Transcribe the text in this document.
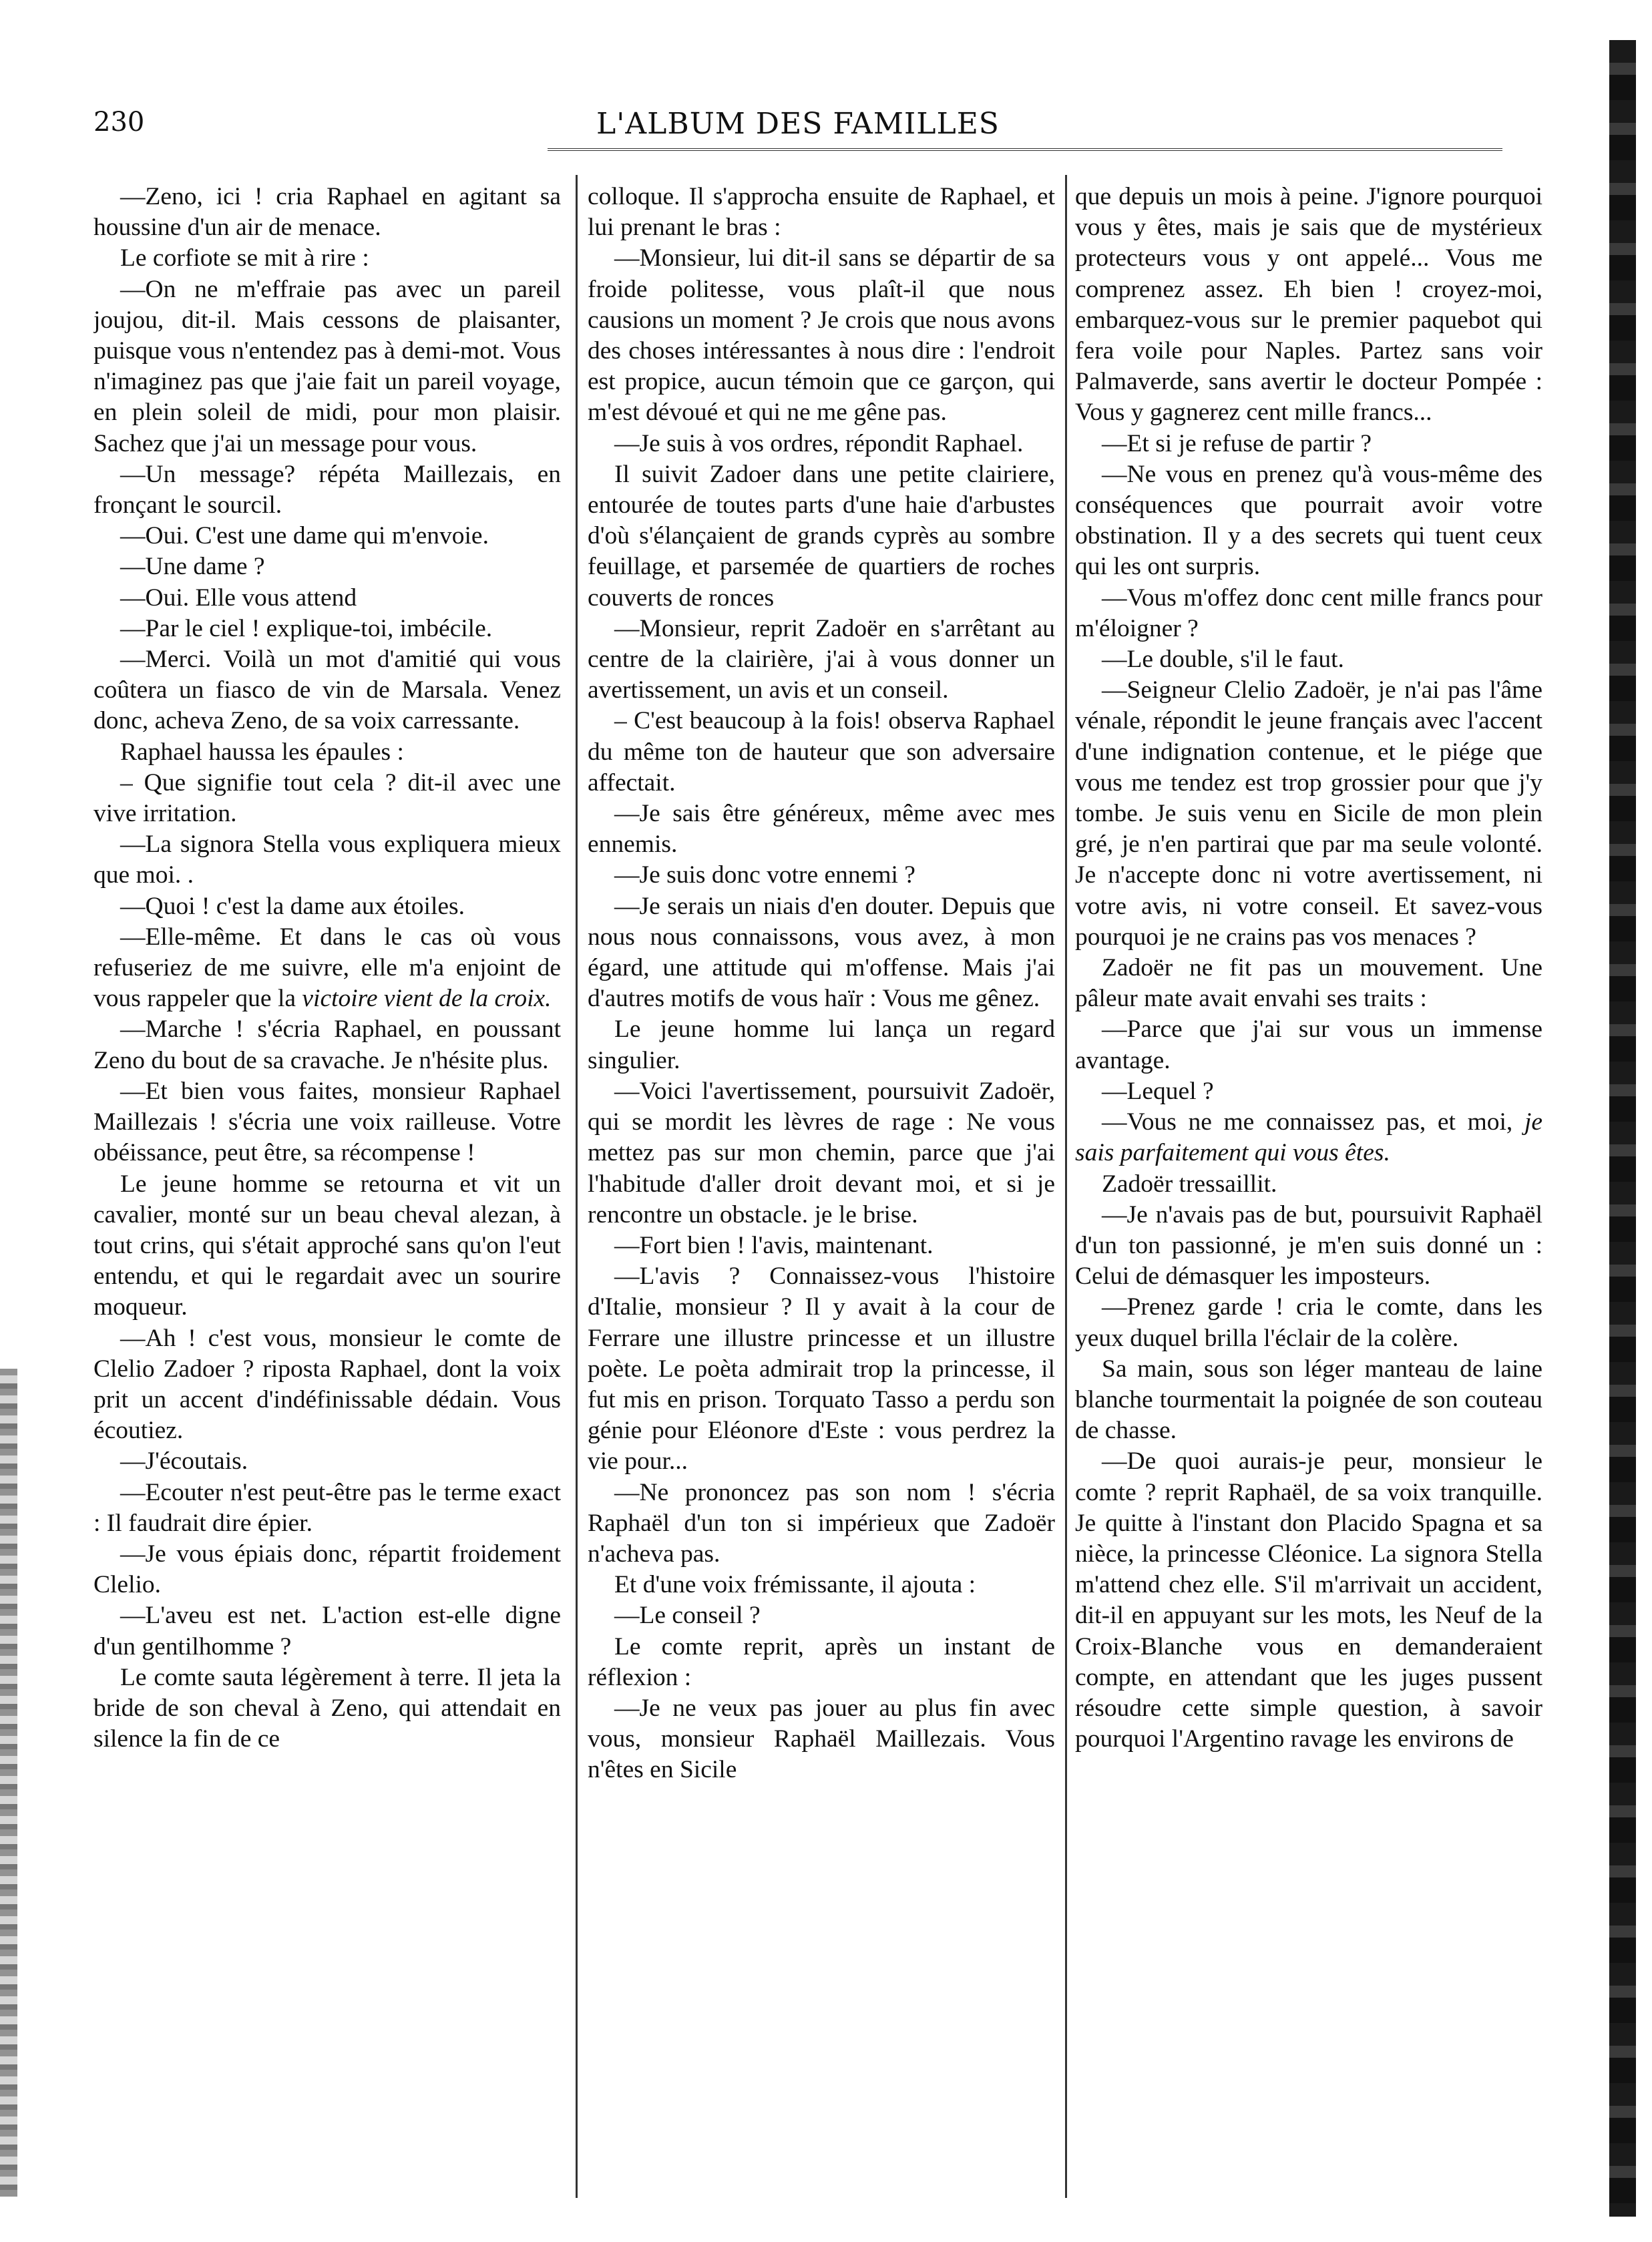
230	L'ALBUM DES FAMILLES

—Zeno, ici ! cria Raphael en agitant sa houssine d'un air de menace.

Le corfiote se mit à rire :

—On ne m'effraie pas avec un pareil joujou, dit-il. Mais cessons de plaisanter, puisque vous n'entendez pas à demi-mot. Vous n'imaginez pas que j'aie fait un pareil voyage, en plein soleil de midi, pour mon plaisir. Sachez que j'ai un message pour vous.

—Un message? répéta Maillezais, en fronçant le sourcil.

—Oui. C'est une dame qui m'envoie.

—Une dame ?

—Oui. Elle vous attend

—Par le ciel ! explique-toi, imbécile.

—Merci. Voilà un mot d'amitié qui vous coûtera un fiasco de vin de Marsala. Venez donc, acheva Zeno, de sa voix carressante.

Raphael haussa les épaules :

– Que signifie tout cela ? dit-il avec une vive irritation.

—La signora Stella vous expliquera mieux que moi. .

—Quoi ! c'est la dame aux étoiles.

—Elle-même. Et dans le cas où vous refuseriez de me suivre, elle m'a enjoint de vous rappeler que la victoire vient de la croix.

—Marche ! s'écria Raphael, en poussant Zeno du bout de sa cravache. Je n'hésite plus.

—Et bien vous faites, monsieur Raphael Maillezais ! s'écria une voix railleuse. Votre obéissance, peut être, sa récompense !

Le jeune homme se retourna et vit un cavalier, monté sur un beau cheval alezan, à tout crins, qui s'était approché sans qu'on l'eut entendu, et qui le regardait avec un sourire moqueur.

—Ah ! c'est vous, monsieur le comte de Clelio Zadoer ? riposta Raphael, dont la voix prit un accent d'indéfinissable dédain. Vous écoutiez.

—J'écoutais.

—Ecouter n'est peut-être pas le terme exact : Il faudrait dire épier.

—Je vous épiais donc, répartit froidement Clelio.

—L'aveu est net. L'action est-elle digne d'un gentilhomme ?

Le comte sauta légèrement à terre. Il jeta la bride de son cheval à Zeno, qui attendait en silence la fin de ce

colloque. Il s'approcha ensuite de Raphael, et lui prenant le bras :

—Monsieur, lui dit-il sans se départir de sa froide politesse, vous plaît-il que nous causions un moment ? Je crois que nous avons des choses intéressantes à nous dire : l'endroit est propice, aucun témoin que ce garçon, qui m'est dévoué et qui ne me gêne pas.

—Je suis à vos ordres, répondit Raphael.

Il suivit Zadoer dans une petite clairiere, entourée de toutes parts d'une haie d'arbustes d'où s'élançaient de grands cyprès au sombre feuillage, et parsemée de quartiers de roches couverts de ronces

—Monsieur, reprit Zadoër en s'arrêtant au centre de la clairière, j'ai à vous donner un avertissement, un avis et un conseil.

– C'est beaucoup à la fois! observa Raphael du même ton de hauteur que son adversaire affectait.

—Je sais être généreux, même avec mes ennemis.

—Je suis donc votre ennemi ?

—Je serais un niais d'en douter. Depuis que nous nous connaissons, vous avez, à mon égard, une attitude qui m'offense. Mais j'ai d'autres motifs de vous haïr : Vous me gênez.

Le jeune homme lui lança un regard singulier.

—Voici l'avertissement, poursuivit Zadoër, qui se mordit les lèvres de rage : Ne vous mettez pas sur mon chemin, parce que j'ai l'habitude d'aller droit devant moi, et si je rencontre un obstacle. je le brise.

—Fort bien ! l'avis, maintenant.

—L'avis ? Connaissez-vous l'histoire d'Italie, monsieur ? Il y avait à la cour de Ferrare une illustre princesse et un illustre poète. Le poèta admirait trop la princesse, il fut mis en prison. Torquato Tasso a perdu son génie pour Eléonore d'Este : vous perdrez la vie pour...

—Ne prononcez pas son nom ! s'écria Raphaël d'un ton si impérieux que Zadoër n'acheva pas.

Et d'une voix frémissante, il ajouta :

—Le conseil ?

Le comte reprit, après un instant de réflexion :

—Je ne veux pas jouer au plus fin avec vous, monsieur Raphaël Maillezais. Vous n'êtes en Sicile

que depuis un mois à peine. J'ignore pourquoi vous y êtes, mais je sais que de mystérieux protecteurs vous y ont appelé... Vous me comprenez assez. Eh bien ! croyez-moi, embarquez-vous sur le premier paquebot qui fera voile pour Naples. Partez sans voir Palmaverde, sans avertir le docteur Pompée : Vous y gagnerez cent mille francs...

—Et si je refuse de partir ?

—Ne vous en prenez qu'à vous-même des conséquences que pourrait avoir votre obstination. Il y a des secrets qui tuent ceux qui les ont surpris.

—Vous m'offez donc cent mille francs pour m'éloigner ?

—Le double, s'il le faut.

—Seigneur Clelio Zadoër, je n'ai pas l'âme vénale, répondit le jeune français avec l'accent d'une indignation contenue, et le piége que vous me tendez est trop grossier pour que j'y tombe. Je suis venu en Sicile de mon plein gré, je n'en partirai que par ma seule volonté. Je n'accepte donc ni votre avertissement, ni votre avis, ni votre conseil. Et savez-vous pourquoi je ne crains pas vos menaces ?

Zadoër ne fit pas un mouvement. Une pâleur mate avait envahi ses traits :

—Parce que j'ai sur vous un immense avantage.

—Lequel ?

—Vous ne me connaissez pas, et moi, je sais parfaitement qui vous êtes.

Zadoër tressaillit.

—Je n'avais pas de but, poursuivit Raphaël d'un ton passionné, je m'en suis donné un : Celui de démasquer les imposteurs.

—Prenez garde ! cria le comte, dans les yeux duquel brilla l'éclair de la colère.

Sa main, sous son léger manteau de laine blanche tourmentait la poignée de son couteau de chasse.

—De quoi aurais-je peur, monsieur le comte ? reprit Raphaël, de sa voix tranquille. Je quitte à l'instant don Placido Spagna et sa nièce, la princesse Cléonice. La signora Stella m'attend chez elle. S'il m'arrivait un accident, dit-il en appuyant sur les mots, les Neuf de la Croix-Blanche vous en demanderaient compte, en attendant que les juges pussent résoudre cette simple question, à savoir pourquoi l'Argentino ravage les environs de
